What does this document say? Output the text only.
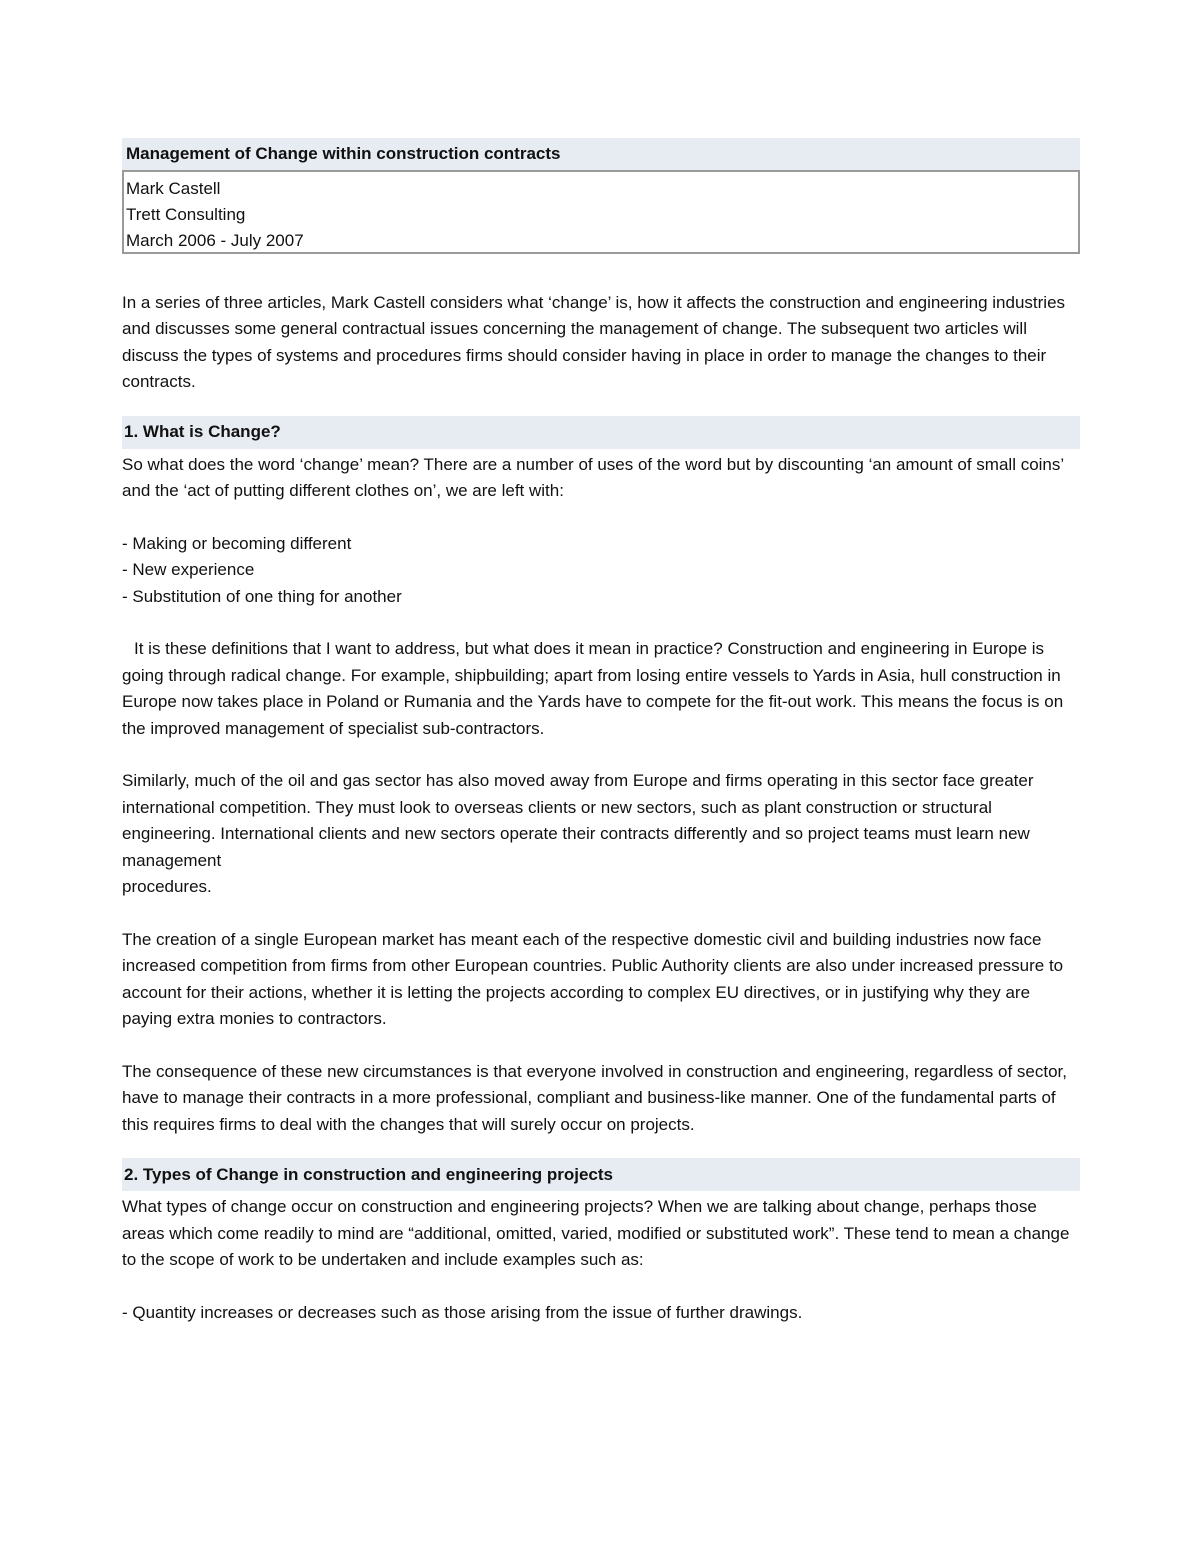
Management of Change within construction contracts
Mark Castell
Trett Consulting
March 2006 - July 2007

In a series of three articles, Mark Castell considers what ‘change’ is, how it affects the construction and engineering industries and discusses some general contractual issues concerning the management of change. The subsequent two articles will discuss the types of systems and procedures firms should consider having in place in order to manage the changes to their contracts.

1. What is Change?

So what does the word ‘change’ mean? There are a number of uses of the word but by discounting ‘an amount of small coins’ and the ‘act of putting different clothes on’, we are left with:

- Making or becoming different
- New experience
- Substitution of one thing for another

It is these definitions that I want to address, but what does it mean in practice? Construction and engineering in Europe is going through radical change. For example, shipbuilding; apart from losing entire vessels to Yards in Asia, hull construction in Europe now takes place in Poland or Rumania and the Yards have to compete for the fit-out work. This means the focus is on the improved management of specialist sub-contractors.

Similarly, much of the oil and gas sector has also moved away from Europe and firms operating in this sector face greater international competition. They must look to overseas clients or new sectors, such as plant construction or structural engineering. International clients and new sectors operate their contracts differently and so project teams must learn new management

procedures.

The creation of a single European market has meant each of the respective domestic civil and building industries now face increased competition from firms from other European countries. Public Authority clients are also under increased pressure to account for their actions, whether it is letting the projects according to complex EU directives, or in justifying why they are paying extra monies to contractors.

The consequence of these new circumstances is that everyone involved in construction and engineering, regardless of sector, have to manage their contracts in a more professional, compliant and business-like manner. One of the fundamental parts of this requires firms to deal with the changes that will surely occur on projects.

2. Types of Change in construction and engineering projects

What types of change occur on construction and engineering projects? When we are talking about change, perhaps those areas which come readily to mind are “additional, omitted, varied, modified or substituted work”. These tend to mean a change to the scope of work to be undertaken and include examples such as:

- Quantity increases or decreases such as those arising from the issue of further drawings.
